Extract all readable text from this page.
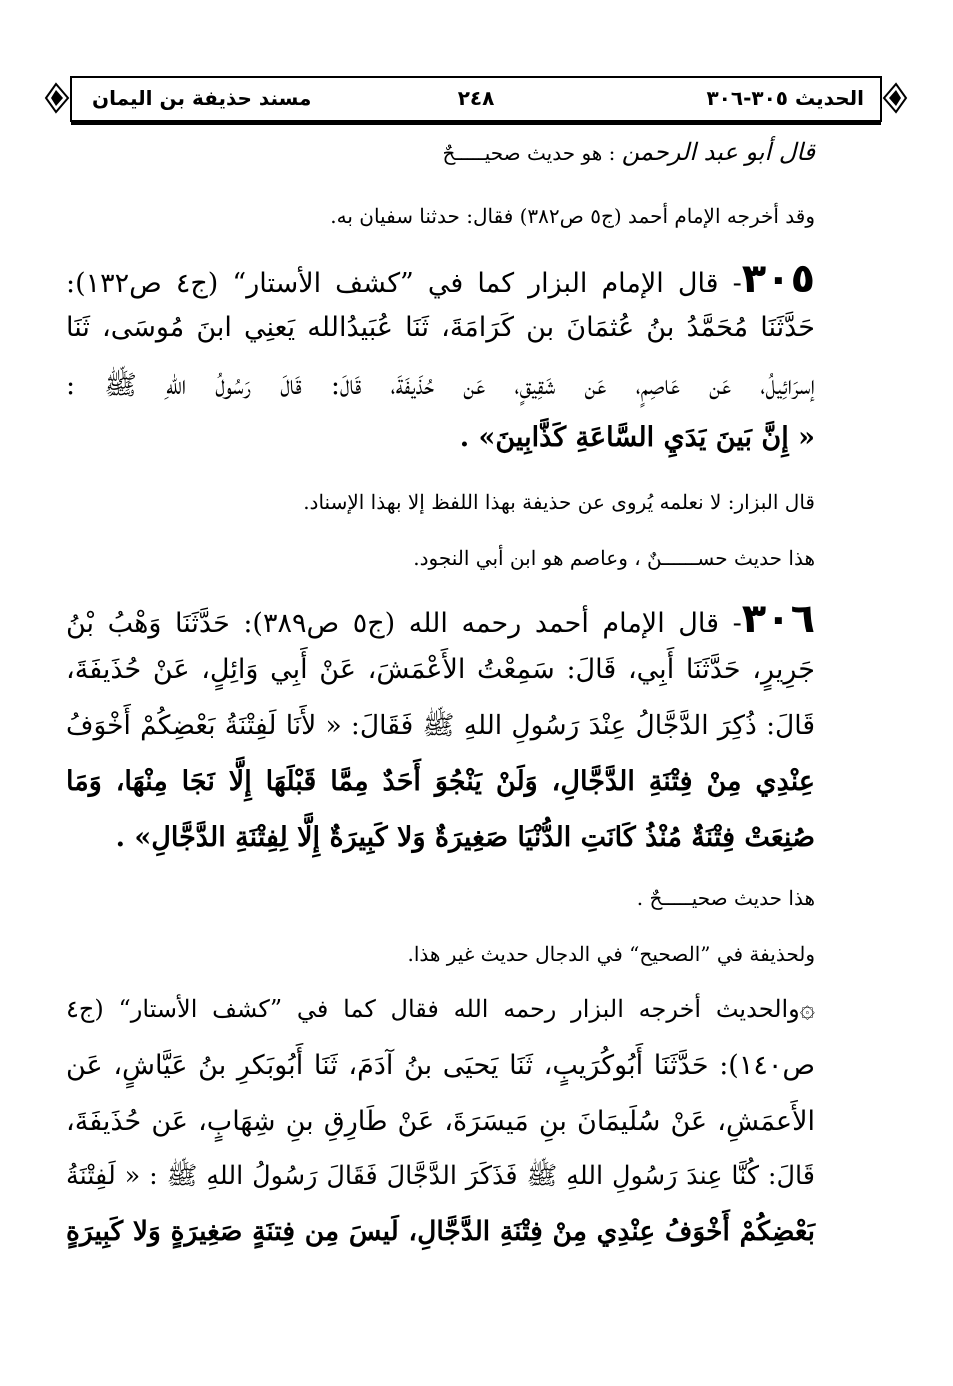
الحديث ٣٠٥-٣٠٦
٢٤٨
مسند حذيفة بن اليمان
قال أبو عبد الرحمن : هو حديث صحيـــــحٌ
وقد أخرجه الإمام أحمد (ج٥ ص٣٨٢) فقال: حدثنا سفيان به.
٣٠٥- قال الإمام البزار كما في ”كشف الأستار“ (ج٤ ص١٣٢):
حَدَّثَنَا مُحَمَّدُ بنُ عُثمَانَ بن كَرَامَةَ، ثَنَا عُبَيدُالله يَعنِي ابنَ مُوسَى، ثَنَا
إسرَائِيلُ، عَن عَاصِمٍ، عَن شَقِيقٍ، عَن حُذَيفَةَ، قَالَ: قَالَ رَسُولُ اللهِ ﷺ :
« إِنَّ بَينَ يَدَيِ السَّاعَةِ كَذَّابِينَ» .
قال البزار: لا نعلمه يُروى عن حذيفة بهذا اللفظ إلا بهذا الإسناد.
هذا حديث حســــــنٌ ، وعاصم هو ابن أبي النجود.
٣٠٦- قال الإمام أحمد رحمه الله (ج٥ ص٣٨٩): حَدَّثَنَا وَهْبُ بْنُ
جَرِيرٍ، حَدَّثَنَا أَبِي، قَالَ: سَمِعْتُ الأَعْمَشَ، عَنْ أَبِي وَائِلٍ، عَنْ حُذَيفَةَ،
قَالَ: ذُكِرَ الدَّجَّالُ عِنْدَ رَسُولِ اللهِ ﷺ فَقَالَ: « لأَنَا لَفِتْنَةُ بَعْضِكُمْ أَخْوَفُ
عِنْدِي مِنْ فِتْنَةِ الدَّجَّالِ، وَلَنْ يَنْجُوَ أَحَدٌ مِمَّا قَبْلَهَا إِلَّا نَجَا مِنْهَا، وَمَا
صُنِعَتْ فِتْنَةٌ مُنْذُ كَانَتِ الدُّنْيَا صَغِيرَةٌ وَلا كَبِيرَةٌ إِلَّا لِفِتْنَةِ الدَّجَّالِ» .
هذا حديث صحيـــــحٌ .
ولحذيفة في ”الصحيح“ في الدجال حديث غير هذا.
۞والحديث أخرجه البزار رحمه الله فقال كما في ”كشف الأستار“ (ج٤
ص١٤٠): حَدَّثَنَا أَبُوكُرَيبٍ، ثَنَا يَحيَى بنُ آدَمَ، ثَنَا أَبُوبَكرِ بنُ عَيَّاشٍ، عَن
الأَعمَشِ، عَنْ سُلَيمَانَ بنِ مَيسَرَةَ، عَنْ طَارِقِ بنِ شِهَابٍ، عَن حُذَيفَةَ،
قَالَ: كُنَّا عِندَ رَسُولِ اللهِ ﷺ فَذَكَرَ الدَّجَّالَ فَقَالَ رَسُولُ اللهِ ﷺ : « لَفِتْنَةُ
بَعْضِكُمْ أَخْوَفُ عِنْدِي مِنْ فِتْنَةِ الدَّجَّالِ، لَيسَ مِن فِتنَةٍ صَغِيرَةٍ وَلا كَبِيرَةٍ
